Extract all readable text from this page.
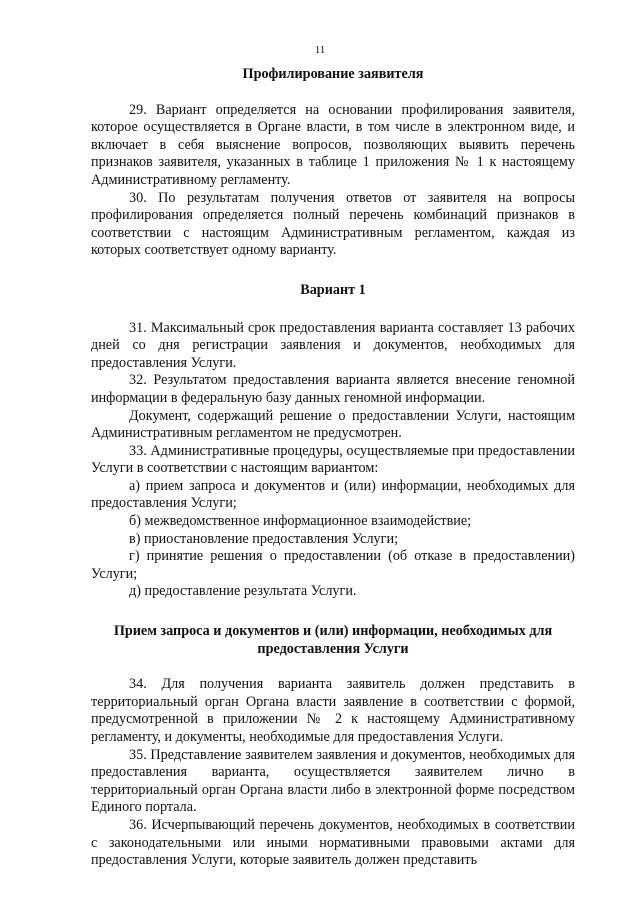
11
Профилирование заявителя

29. Вариант определяется на основании профилирования заявителя, которое осуществляется в Органе власти, в том числе в электронном виде, и включает в себя выяснение вопросов, позволяющих выявить перечень признаков заявителя, указанных в таблице 1 приложения № 1 к настоящему Административному регламенту.

30. По результатам получения ответов от заявителя на вопросы профилирования определяется полный перечень комбинаций признаков в соответствии с настоящим Административным регламентом, каждая из которых соответствует одному варианту.

Вариант 1

31. Максимальный срок предоставления варианта составляет 13 рабочих дней со дня регистрации заявления и документов, необходимых для предоставления Услуги.

32. Результатом предоставления варианта является внесение геномной информации в федеральную базу данных геномной информации.

Документ, содержащий решение о предоставлении Услуги, настоящим Административным регламентом не предусмотрен.

33. Административные процедуры, осуществляемые при предоставлении Услуги в соответствии с настоящим вариантом:

а) прием запроса и документов и (или) информации, необходимых для предоставления Услуги;

б) межведомственное информационное взаимодействие;

в) приостановление предоставления Услуги;

г) принятие решения о предоставлении (об отказе в предоставлении) Услуги;

д) предоставление результата Услуги.

Прием запроса и документов и (или) информации, необходимых для
предоставления Услуги

34. Для получения варианта заявитель должен представить в территориальный орган Органа власти заявление в соответствии с формой, предусмотренной в приложении № 2 к настоящему Административному регламенту, и документы, необходимые для предоставления Услуги.

35. Представление заявителем заявления и документов, необходимых для предоставления варианта, осуществляется заявителем лично в территориальный орган Органа власти либо в электронной форме посредством Единого портала.

36. Исчерпывающий перечень документов, необходимых в соответствии с законодательными или иными нормативными правовыми актами для предоставления Услуги, которые заявитель должен представить
